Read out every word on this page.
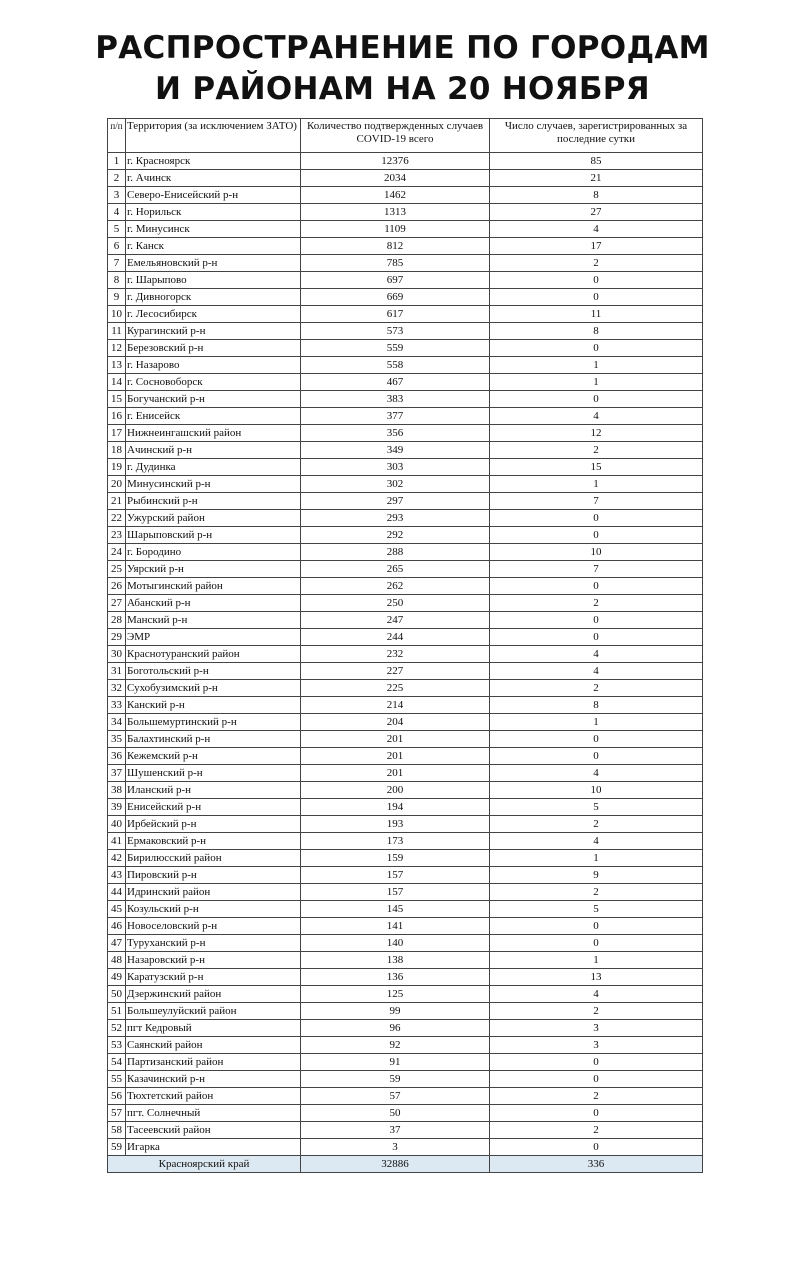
РАСПРОСТРАНЕНИЕ ПО ГОРОДАМ
И РАЙОНАМ НА 20 НОЯБРЯ
п/п	Территория (за исключением ЗАТО)	Количество подтвержденных случаев COVID-19 всего	Число случаев, зарегистрированных за последние сутки
1	г. Красноярск	12376	85
2	г. Ачинск	2034	21
3	Северо-Енисейский р-н	1462	8
4	г. Норильск	1313	27
5	г. Минусинск	1109	4
6	г. Канск	812	17
7	Емельяновский р-н	785	2
8	г. Шарыпово	697	0
9	г. Дивногорск	669	0
10	г. Лесосибирск	617	11
11	Курагинский р-н	573	8
12	Березовский р-н	559	0
13	г. Назарово	558	1
14	г. Сосновоборск	467	1
15	Богучанский р-н	383	0
16	г. Енисейск	377	4
17	Нижнеингашский район	356	12
18	Ачинский р-н	349	2
19	г. Дудинка	303	15
20	Минусинский р-н	302	1
21	Рыбинский р-н	297	7
22	Ужурский район	293	0
23	Шарыповский р-н	292	0
24	г. Бородино	288	10
25	Уярский р-н	265	7
26	Мотыгинский район	262	0
27	Абанский р-н	250	2
28	Манский р-н	247	0
29	ЭМР	244	0
30	Краснотуранский район	232	4
31	Боготольский р-н	227	4
32	Сухобузимский р-н	225	2
33	Канский р-н	214	8
34	Большемуртинский р-н	204	1
35	Балахтинский р-н	201	0
36	Кежемский р-н	201	0
37	Шушенский р-н	201	4
38	Иланский р-н	200	10
39	Енисейский р-н	194	5
40	Ирбейский р-н	193	2
41	Ермаковский р-н	173	4
42	Бирилюсский район	159	1
43	Пировский р-н	157	9
44	Идринский район	157	2
45	Козульский р-н	145	5
46	Новоселовский р-н	141	0
47	Туруханский р-н	140	0
48	Назаровский р-н	138	1
49	Каратузский р-н	136	13
50	Дзержинский район	125	4
51	Большеулуйский район	99	2
52	пгт Кедровый	96	3
53	Саянский район	92	3
54	Партизанский район	91	0
55	Казачинский р-н	59	0
56	Тюхтетский район	57	2
57	пгт. Солнечный	50	0
58	Тасеевский район	37	2
59	Игарка	3	0
Красноярский край		32886	336
